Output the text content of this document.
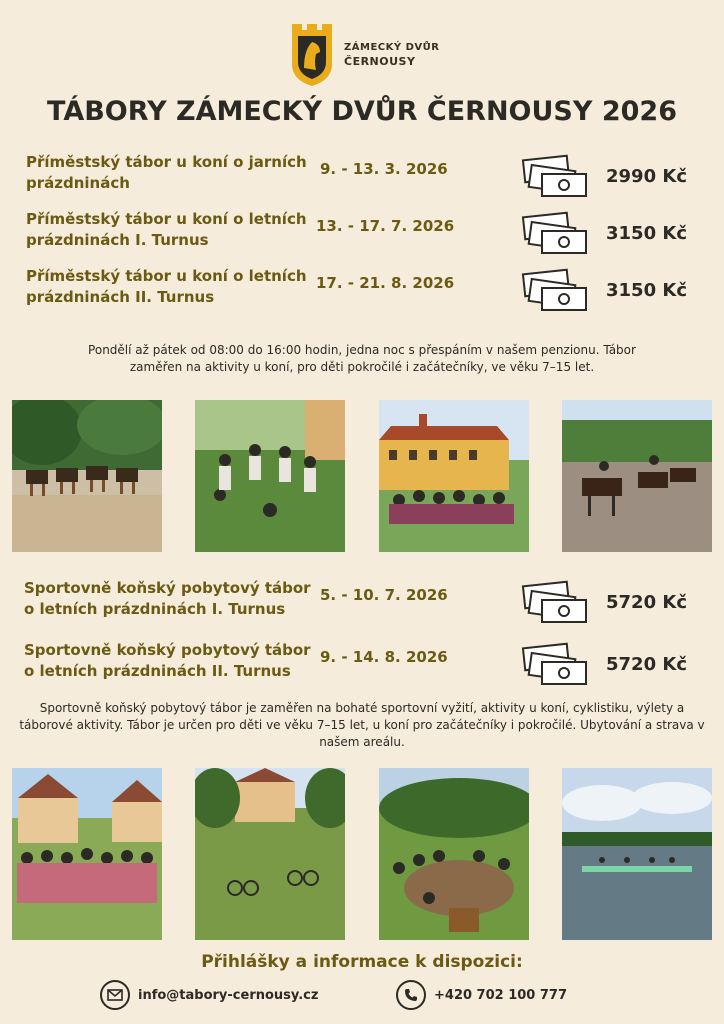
ZÁMECKÝ DVŮR
ČERNOUSY
TÁBORY ZÁMECKÝ DVŮR ČERNOUSY 2026
Příměstský tábor u koní o jarních prázdninách
9. - 13. 3. 2026	2990 Kč
Příměstský tábor u koní o letních prázdninách I. Turnus
13. - 17. 7. 2026	3150 Kč
Příměstský tábor u koní o letních prázdninách II. Turnus
17. - 21. 8. 2026	3150 Kč
Pondělí až pátek od 08:00 do 16:00 hodin, jedna noc s přespáním v našem penzionu. Tábor zaměřen na aktivity u koní, pro děti pokročilé i začátečníky, ve věku 7–15 let.
Sportovně koňský pobytový tábor o letních prázdninách I. Turnus
5. - 10. 7. 2026	5720 Kč
Sportovně koňský pobytový tábor o letních prázdninách II. Turnus
9. - 14. 8. 2026	5720 Kč
Sportovně koňský pobytový tábor je zaměřen na bohaté sportovní vyžití, aktivity u koní, cyklistiku, výlety a táborové aktivity. Tábor je určen pro děti ve věku 7–15 let, u koní pro začátečníky i pokročilé. Ubytování a strava v našem areálu.
Přihlášky a informace k dispozici:
info@tabory-cernousy.cz	+420 702 100 777
